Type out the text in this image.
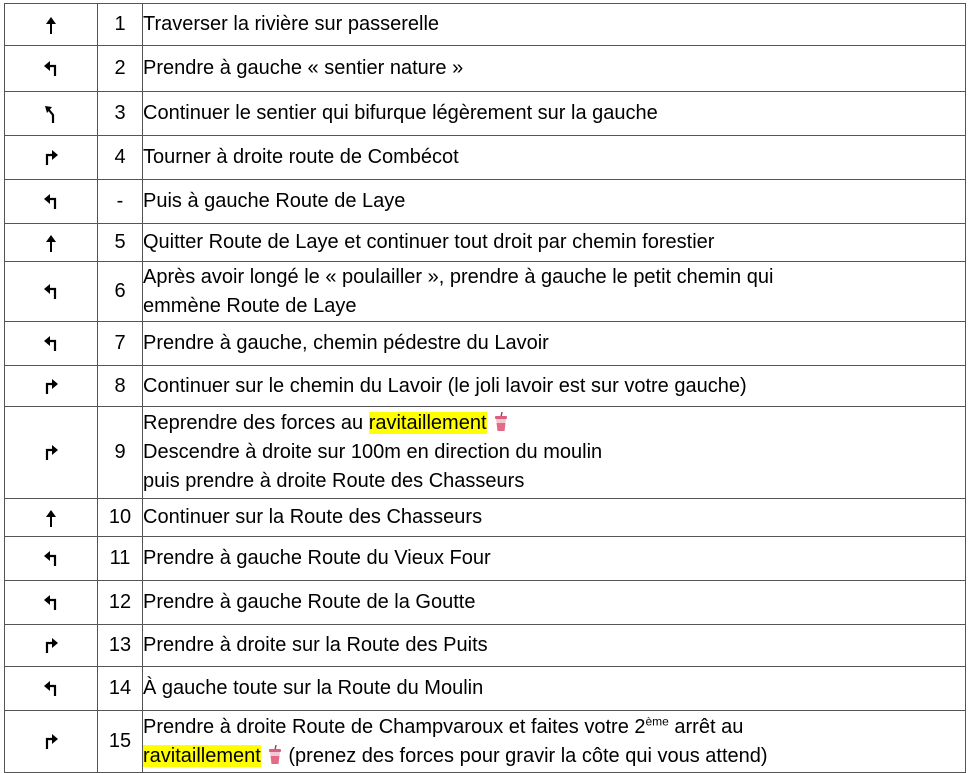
	1	Traverser la rivière sur passerelle

	2	Prendre à gauche « sentier nature »

	3	Continuer le sentier qui bifurque légèrement sur la gauche

	4	Tourner à droite route de Combécot

	-	Puis à gauche Route de Laye

	5	Quitter Route de Laye et continuer tout droit par chemin forestier

	6	Après avoir longé le « poulailler », prendre à gauche le petit chemin qui
emmène Route de Laye

	7	Prendre à gauche, chemin pédestre du Lavoir

	8	Continuer sur le chemin du Lavoir (le joli lavoir est sur votre gauche)

	9	Reprendre des forces au ravitaillement
Descendre à droite sur 100m en direction du moulin
puis prendre à droite Route des Chasseurs

	10	Continuer sur la Route des Chasseurs

	11	Prendre à gauche Route du Vieux Four

	12	Prendre à gauche Route de la Goutte

	13	Prendre à droite sur la Route des Puits

	14	À gauche toute sur la Route du Moulin

	15	Prendre à droite Route de Champvaroux et faites votre 2ème arrêt au
ravitaillement
(prenez des forces pour gravir la côte qui vous attend)
